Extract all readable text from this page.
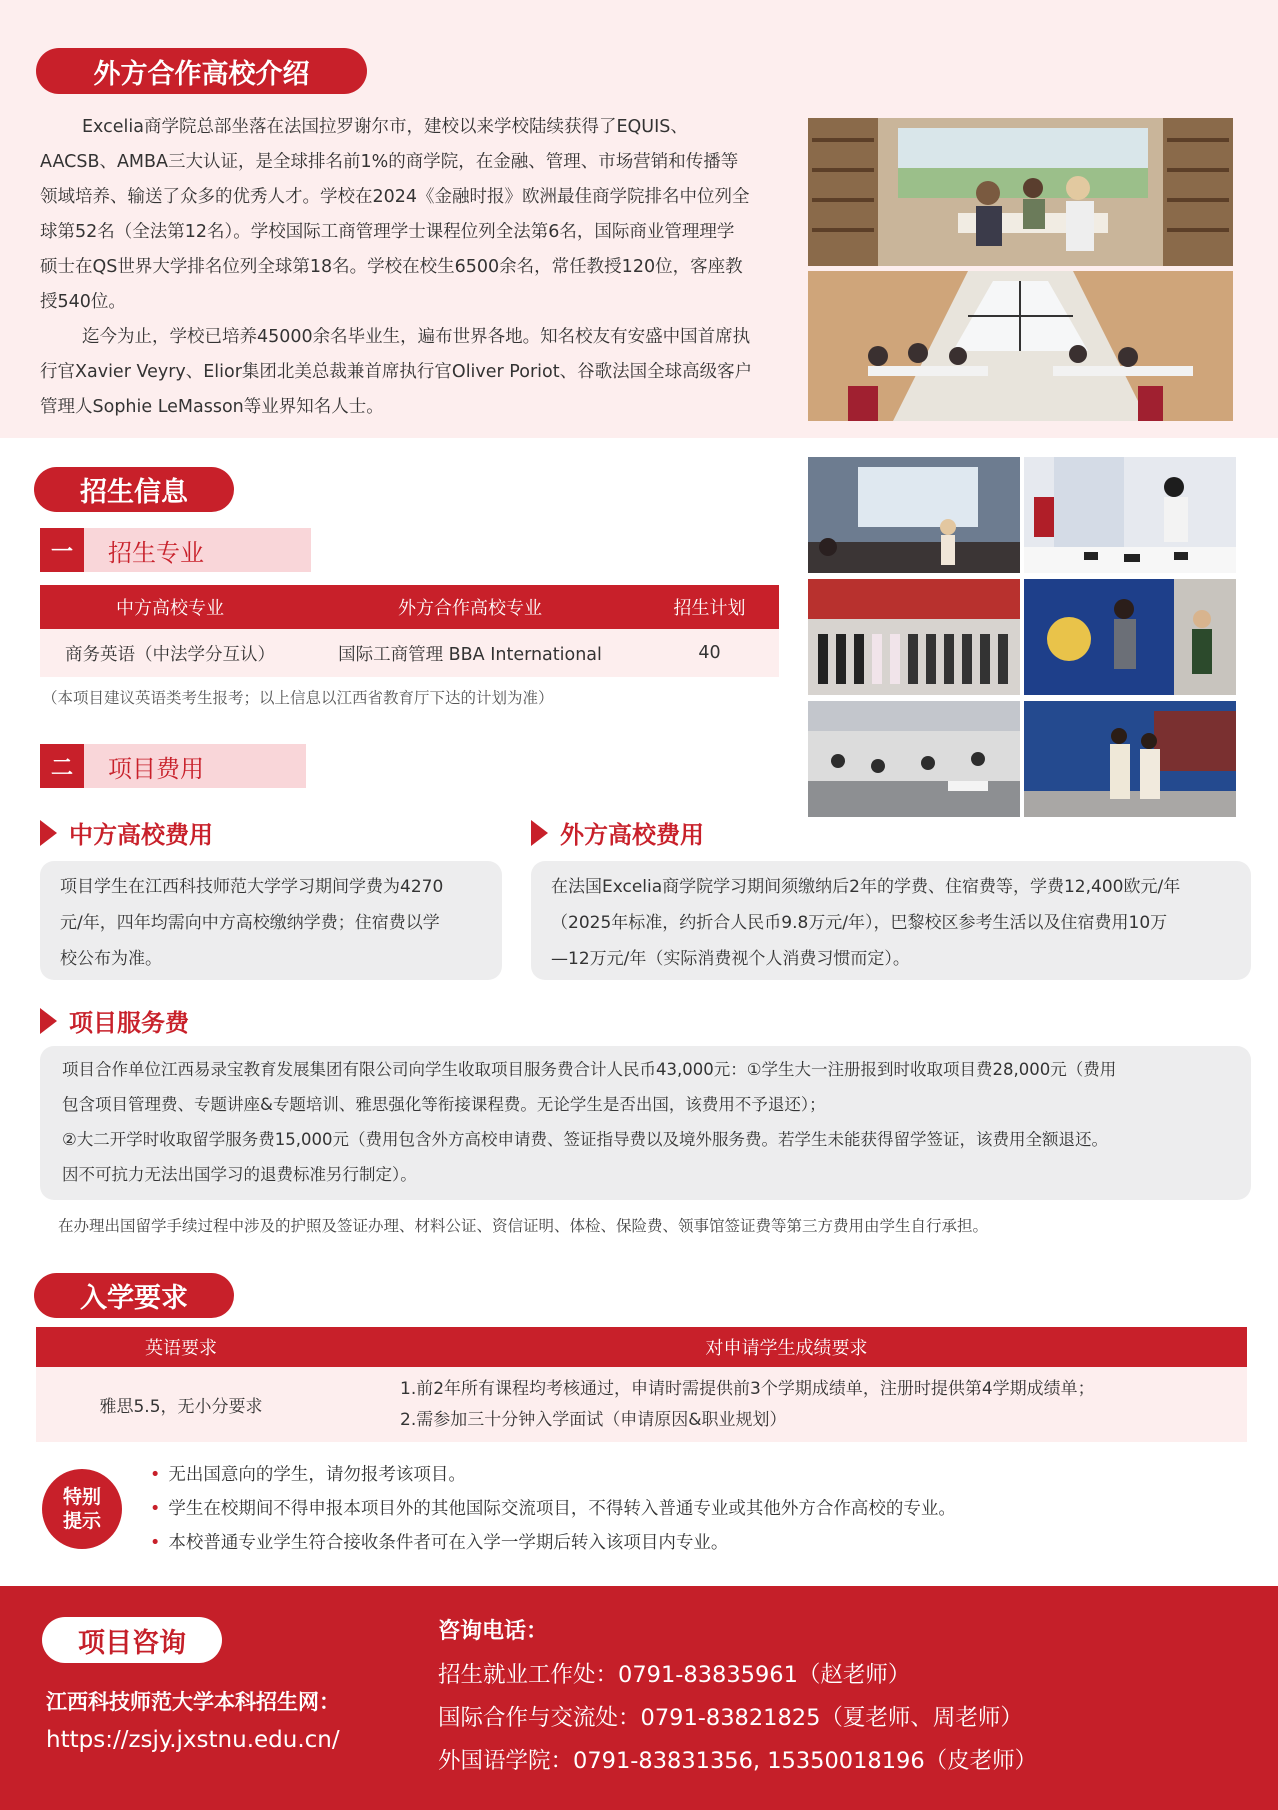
外方合作高校介绍
Excelia商学院总部坐落在法国拉罗谢尔市，建校以来学校陆续获得了EQUIS、
AACSB、AMBA三大认证，是全球排名前1%的商学院，在金融、管理、市场营销和传播等
领域培养、输送了众多的优秀人才。学校在2024《金融时报》欧洲最佳商学院排名中位列全
球第52名（全法第12名）。学校国际工商管理学士课程位列全法第6名，国际商业管理理学
硕士在QS世界大学排名位列全球第18名。学校在校生6500余名，常任教授120位，客座教
授540位。
迄今为止，学校已培养45000余名毕业生，遍布世界各地。知名校友有安盛中国首席执
行官Xavier Veyry、Elior集团北美总裁兼首席执行官Oliver Poriot、谷歌法国全球高级客户
管理人Sophie LeMasson等业界知名人士。
招生信息
一	招生专业
中方高校专业	外方合作高校专业	招生计划
商务英语（中法学分互认）	国际工商管理 BBA International	40
（本项目建议英语类考生报考；以上信息以江西省教育厅下达的计划为准）
二	项目费用
中方高校费用	外方高校费用
项目学生在江西科技师范大学学习期间学费为4270
元/年，四年均需向中方高校缴纳学费；住宿费以学
校公布为准。
在法国Excelia商学院学习期间须缴纳后2年的学费、住宿费等，学费12,400欧元/年
（2025年标准，约折合人民币9.8万元/年），巴黎校区参考生活以及住宿费用10万
—12万元/年（实际消费视个人消费习惯而定）。
项目服务费
项目合作单位江西易录宝教育发展集团有限公司向学生收取项目服务费合计人民币43,000元：①学生大一注册报到时收取项目费28,000元（费用
包含项目管理费、专题讲座&专题培训、雅思强化等衔接课程费。无论学生是否出国，该费用不予退还）；
②大二开学时收取留学服务费15,000元（费用包含外方高校申请费、签证指导费以及境外服务费。若学生未能获得留学签证，该费用全额退还。
因不可抗力无法出国学习的退费标准另行制定）。
在办理出国留学手续过程中涉及的护照及签证办理、材料公证、资信证明、体检、保险费、领事馆签证费等第三方费用由学生自行承担。
入学要求
英语要求	对申请学生成绩要求
雅思5.5，无小分要求	1.前2年所有课程均考核通过，申请时需提供前3个学期成绩单，注册时提供第4学期成绩单；
2.需参加三十分钟入学面试（申请原因&职业规划）
特别
提示
• 无出国意向的学生，请勿报考该项目。
• 学生在校期间不得申报本项目外的其他国际交流项目，不得转入普通专业或其他外方合作高校的专业。
• 本校普通专业学生符合接收条件者可在入学一学期后转入该项目内专业。
项目咨询
江西科技师范大学本科招生网：
https://zsjy.jxstnu.edu.cn/
咨询电话：
招生就业工作处：0791-83835961（赵老师）
国际合作与交流处：0791-83821825（夏老师、周老师）
外国语学院：0791-83831356, 15350018196（皮老师）
